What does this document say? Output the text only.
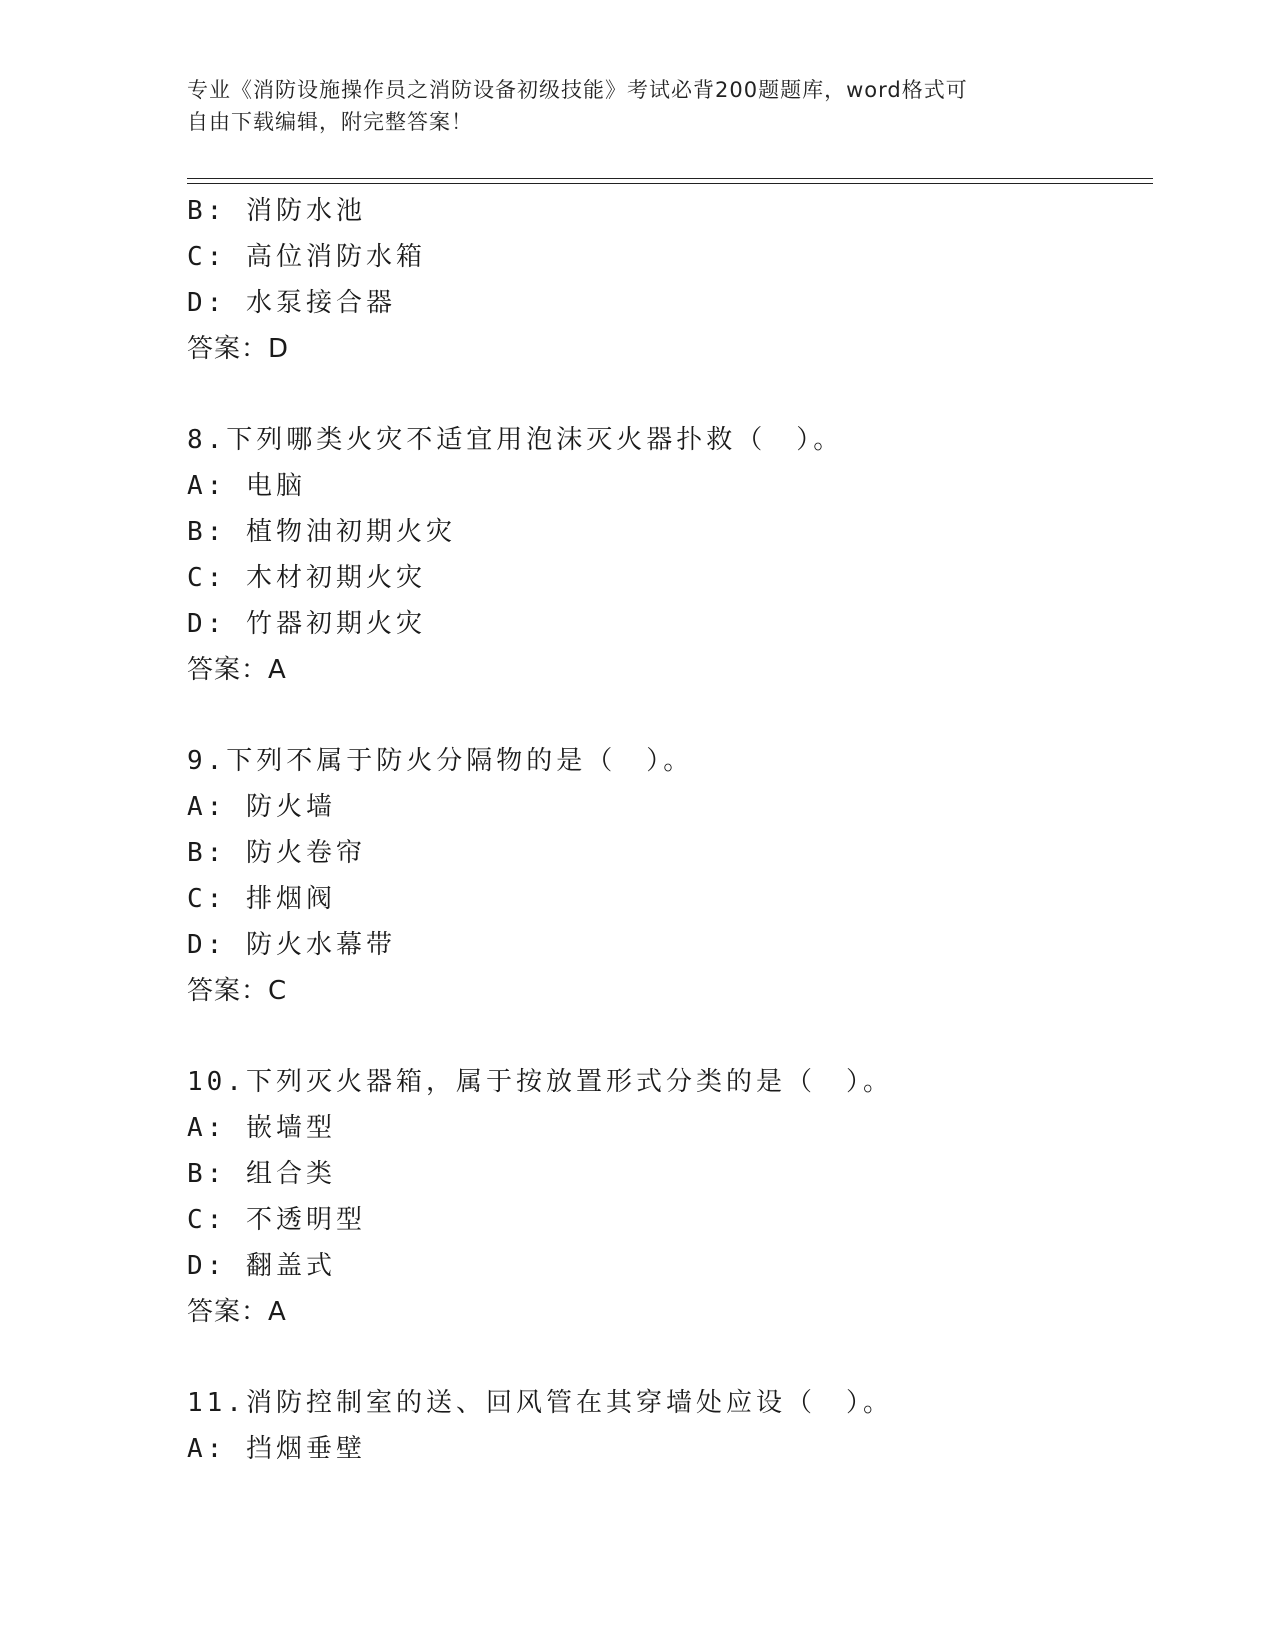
专业《消防设施操作员之消防设备初级技能》考试必背200题题库，word格式可
自由下载编辑，附完整答案！
B: 消防水池
C: 高位消防水箱
D: 水泵接合器
答案：D
8.下列哪类火灾不适宜用泡沫灭火器扑救（　）。
A: 电脑
B: 植物油初期火灾
C: 木材初期火灾
D: 竹器初期火灾
答案：A
9.下列不属于防火分隔物的是（　）。
A: 防火墙
B: 防火卷帘
C: 排烟阀
D: 防火水幕带
答案：C
10.下列灭火器箱，属于按放置形式分类的是（　）。
A: 嵌墙型
B: 组合类
C: 不透明型
D: 翻盖式
答案：A
11.消防控制室的送、回风管在其穿墙处应设（　）。
A: 挡烟垂壁
